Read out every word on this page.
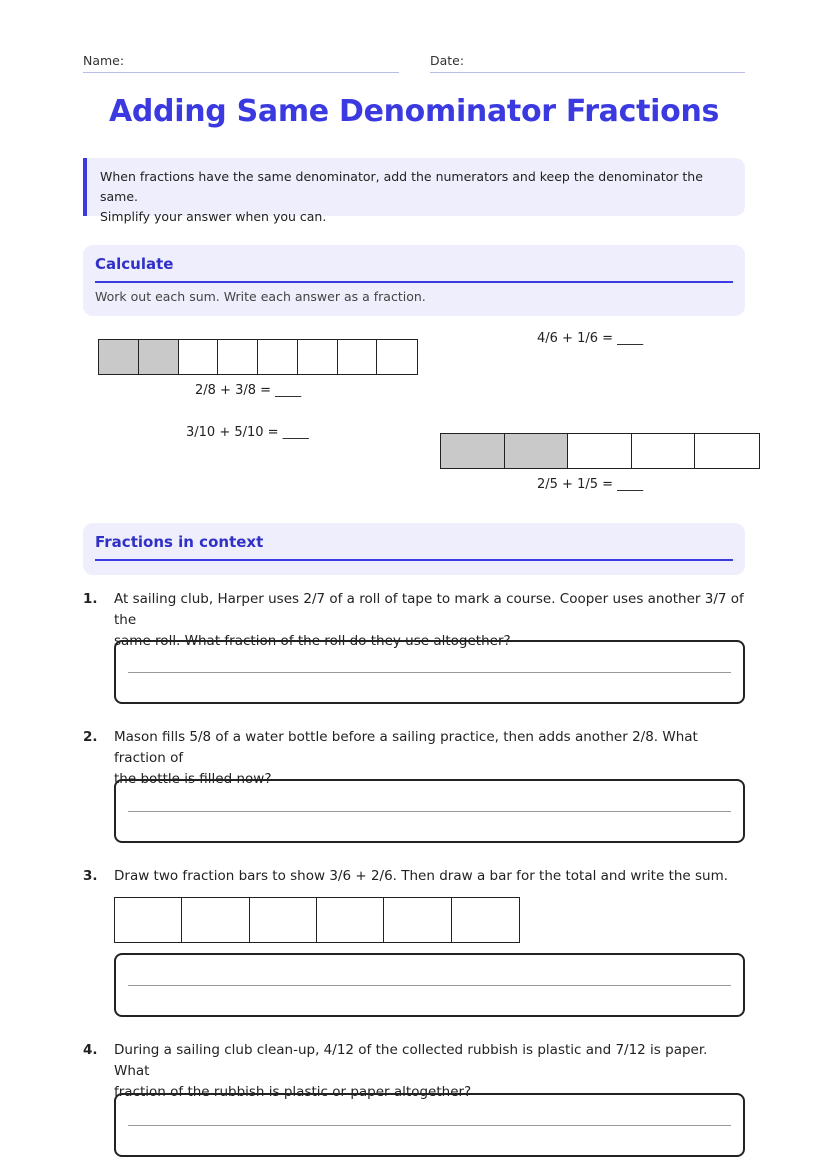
Name:	Date:
Adding Same Denominator Fractions
When fractions have the same denominator, add the numerators and keep the denominator the same.
Simplify your answer when you can.
Calculate
Work out each sum. Write each answer as a fraction.
2/8 + 3/8 = ____
4/6 + 1/6 = ____
3/10 + 5/10 = ____
2/5 + 1/5 = ____
Fractions in context
1. At sailing club, Harper uses 2/7 of a roll of tape to mark a course. Cooper uses another 3/7 of the
same roll. What fraction of the roll do they use altogether?
2. Mason fills 5/8 of a water bottle before a sailing practice, then adds another 2/8. What fraction of
the bottle is filled now?
3. Draw two fraction bars to show 3/6 + 2/6. Then draw a bar for the total and write the sum.
4. During a sailing club clean-up, 4/12 of the collected rubbish is plastic and 7/12 is paper. What
fraction of the rubbish is plastic or paper altogether?
